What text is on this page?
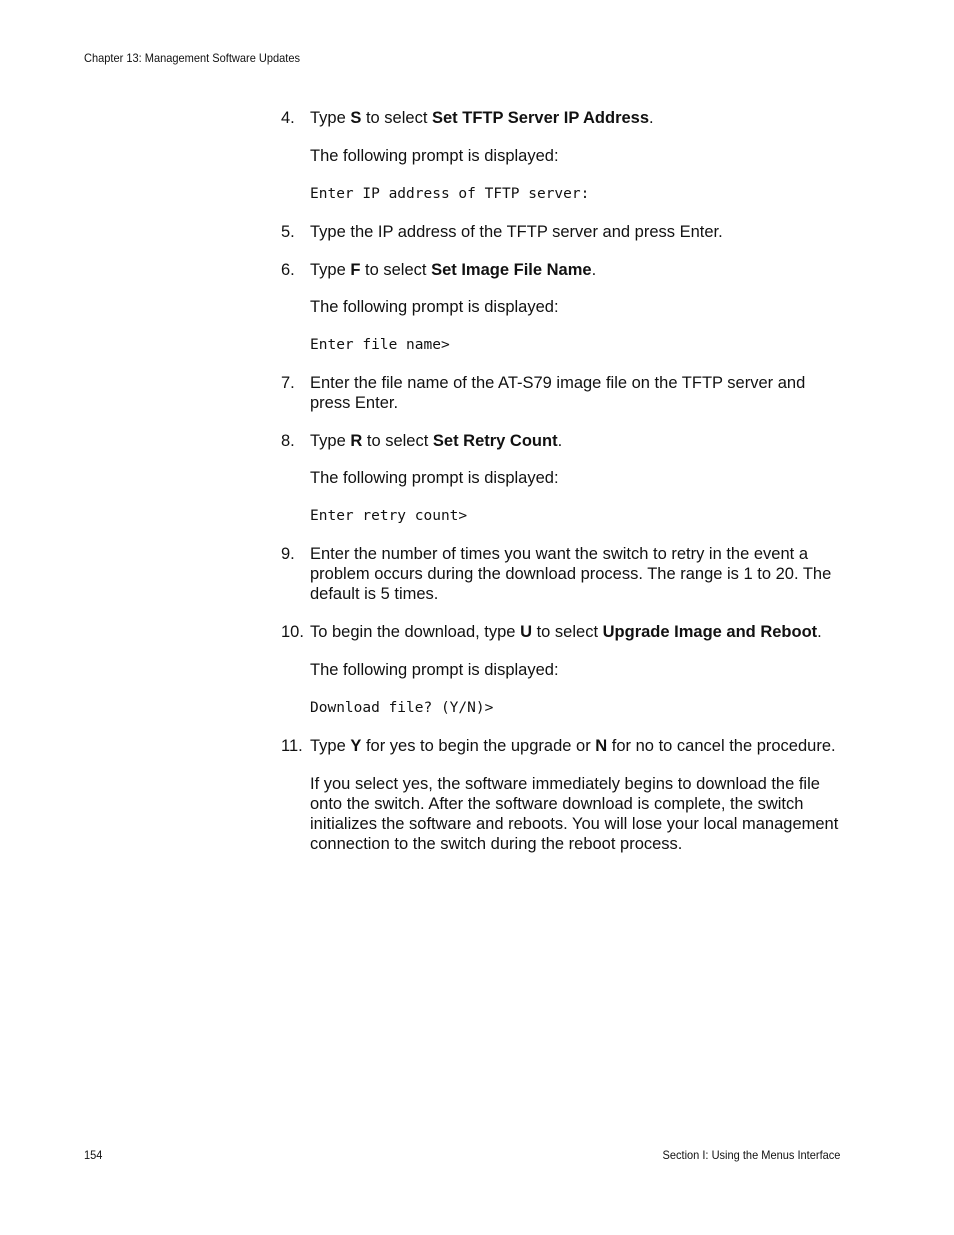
Chapter 13: Management Software Updates
4. Type S to select Set TFTP Server IP Address.
The following prompt is displayed:
Enter IP address of TFTP server:
5. Type the IP address of the TFTP server and press Enter.
6. Type F to select Set Image File Name.
The following prompt is displayed:
Enter file name>
7. Enter the file name of the AT-S79 image file on the TFTP server and press Enter.
8. Type R to select Set Retry Count.
The following prompt is displayed:
Enter retry count>
9. Enter the number of times you want the switch to retry in the event a problem occurs during the download process. The range is 1 to 20. The default is 5 times.
10. To begin the download, type U to select Upgrade Image and Reboot.
The following prompt is displayed:
Download file? (Y/N)>
11. Type Y for yes to begin the upgrade or N for no to cancel the procedure.
If you select yes, the software immediately begins to download the file onto the switch. After the software download is complete, the switch initializes the software and reboots. You will lose your local management connection to the switch during the reboot process.
154	Section I: Using the Menus Interface
